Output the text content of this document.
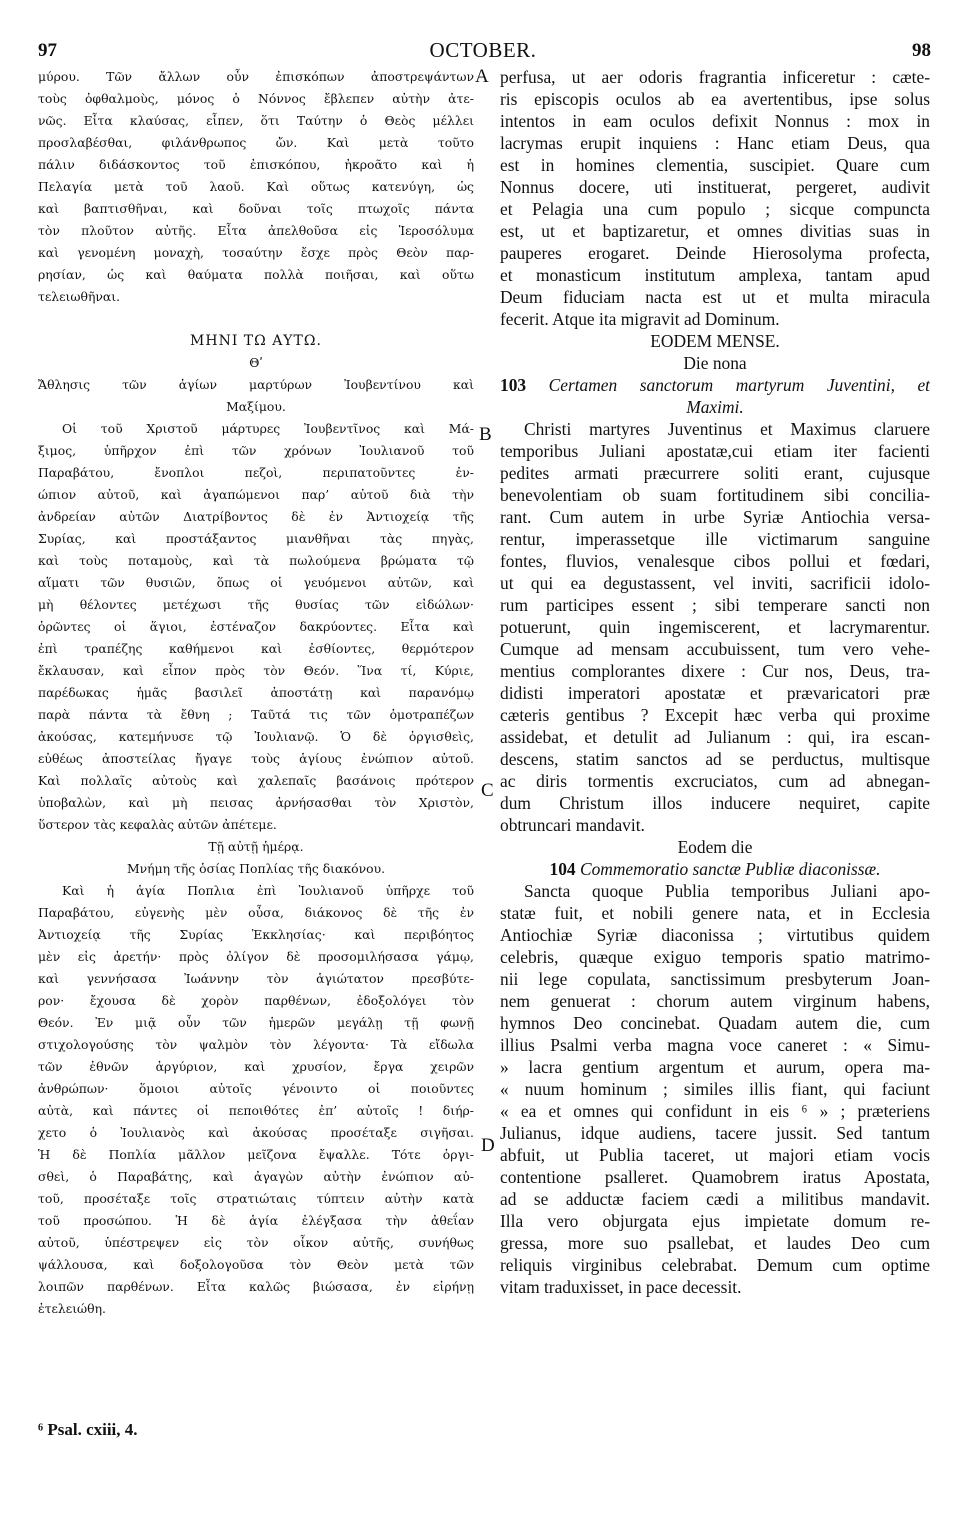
97	OCTOBER.	98
μύρου. Τῶν ἄλλων οὖν ἐπισκόπων ἀποστρεψάντων
τοὺς ὀφθαλμοὺς, μόνος ὁ Νόννος ἔβλεπεν αὐτὴν ἀτε-
νῶς. Εἶτα κλαύσας, εἶπεν, ὅτι Ταύτην ὁ Θεὸς μέλλει
προσλαβέσθαι, φιλάνθρωπος ὤν. Καὶ μετὰ τοῦτο
πάλιν διδάσκοντος τοῦ ἐπισκόπου, ἠκροᾶτο καὶ ἡ
Πελαγία μετὰ τοῦ λαοῦ. Καὶ οὕτως κατενύγη, ὡς
καὶ βαπτισθῆναι, καὶ δοῦναι τοῖς πτωχοῖς πάντα
τὸν πλοῦτον αὐτῆς. Εἶτα ἀπελθοῦσα εἰς Ἱεροσόλυμα
καὶ γενομένη μοναχὴ, τοσαύτην ἔσχε πρὸς Θεὸν παρ-
ρησίαν, ὡς καὶ θαύματα πολλὰ ποιῆσαι, καὶ οὕτω
τελειωθῆναι.
ΜΗΝΙ ΤΩ ΑΥΤΩ.
Θʹ
Ἄθλησις τῶν ἁγίων μαρτύρων Ἰουβεντίνου καὶ
Μαξίμου.
Οἱ τοῦ Χριστοῦ μάρτυρες Ἰουβεντῖνος καὶ Μά-
ξιμος, ὑπῆρχον ἐπὶ τῶν χρόνων Ἰουλιανοῦ τοῦ
Παραβάτου, ἔνοπλοι πεζοὶ, περιπατοῦντες ἐν-
ώπιον αὐτοῦ, καὶ ἀγαπώμενοι παρ’ αὐτοῦ διὰ τὴν
ἀνδρείαν αὐτῶν Διατρίβοντος δὲ ἐν Ἀντιοχείᾳ τῆς
Συρίας, καὶ προστάξαντος μιανθῆναι τὰς πηγὰς,
καὶ τοὺς ποταμοὺς, καὶ τὰ πωλούμενα βρώματα τῷ
αἵματι τῶν θυσιῶν, ὅπως οἱ γευόμενοι αὐτῶν, καὶ
μὴ θέλοντες μετέχωσι τῆς θυσίας τῶν εἰδώλων·
ὁρῶντες οἱ ἅγιοι, ἐστέναζον δακρύοντες. Εἶτα καὶ
ἐπὶ τραπέζης καθήμενοι καὶ ἐσθίοντες, θερμότερον
ἔκλαυσαν, καὶ εἶπον πρὸς τὸν Θεόν. Ἵνα τί, Κύριε,
παρέδωκας ἡμᾶς βασιλεῖ ἀποστάτῃ καὶ παρανόμῳ
παρὰ πάντα τὰ ἔθνη ; Ταῦτά τις τῶν ὁμοτραπέζων
ἀκούσας, κατεμήνυσε τῷ Ἰουλιανῷ. Ὁ δὲ ὀργισθεὶς,
εὐθέως ἀποστείλας ἤγαγε τοὺς ἁγίους ἐνώπιον αὐτοῦ.
Καὶ πολλαῖς αὐτοὺς καὶ χαλεπαῖς βασάνοις πρότερον
ὑποβαλὼν, καὶ μὴ πεισας ἀρνήσασθαι τὸν Χριστὸν,
ὕστερον τὰς κεφαλὰς αὐτῶν ἀπέτεμε.
Τῇ αὐτῇ ἡμέρᾳ.
Μνήμη τῆς ὁσίας Ποπλίας τῆς διακόνου.
Καὶ ἡ ἁγία Ποπλια ἐπὶ Ἰουλιανοῦ ὑπῆρχε τοῦ
Παραβάτου, εὐγενὴς μὲν οὖσα, διάκονος δὲ τῆς ἐν
Ἀντιοχείᾳ τῆς Συρίας Ἐκκλησίας· καὶ περιβόητος
μὲν εἰς ἀρετήν· πρὸς ὀλίγον δὲ προσομιλήσασα γάμῳ,
καὶ γεννήσασα Ἰωάννην τὸν ἁγιώτατον πρεσβύτε-
ρον· ἔχουσα δὲ χορὸν παρθένων, ἐδοξολόγει τὸν
Θεόν. Ἐν μιᾷ οὖν τῶν ἡμερῶν μεγάλῃ τῇ φωνῇ
στιχολογούσης τὸν ψαλμὸν τὸν λέγοντα· Τὰ εἴδωλα
τῶν ἐθνῶν ἀργύριον, καὶ χρυσίον, ἔργα χειρῶν
ἀνθρώπων· ὅμοιοι αὐτοῖς γένοιντο οἱ ποιοῦντες
αὐτὰ, καὶ πάντες οἱ πεποιθότες ἐπ’ αὐτοῖς ! διήρ-
χετο ὁ Ἰουλιανὸς καὶ ἀκούσας προσέταξε σιγῆσαι.
Ἡ δὲ Ποπλία μᾶλλον μεῖζονα ἔψαλλε. Τότε ὀργι-
σθεὶ, ὁ Παραβάτης, καὶ ἀγαγὼν αὐτὴν ἐνώπιον αὐ-
τοῦ, προσέταξε τοῖς στρατιώταις τύπτειν αὐτὴν κατὰ
τοῦ προσώπου. Ἡ δὲ ἁγία ἐλέγξασα τὴν ἀθεΐαν
αὐτοῦ, ὑπέστρεψεν εἰς τὸν οἶκον αὐτῆς, συνήθως
ψάλλουσα, καὶ δοξολογοῦσα τὸν Θεὸν μετὰ τῶν
λοιπῶν παρθένων. Εἶτα καλῶς βιώσασα, ἐν εἰρήνῃ
ἐτελειώθη.
perfusa, ut aer odoris fragrantia inficeretur : cæte-
ris episcopis oculos ab ea avertentibus, ipse solus
intentos in eam oculos defixit Nonnus : mox in
lacrymas erupit inquiens : Hanc etiam Deus, qua
est in homines clementia, suscipiet. Quare cum
Nonnus docere, uti instituerat, pergeret, audivit
et Pelagia una cum populo ; sicque compuncta
est, ut et baptizaretur, et omnes divitias suas in
pauperes erogaret. Deinde Hierosolyma profecta,
et monasticum institutum amplexa, tantam apud
Deum fiduciam nacta est ut et multa miracula
fecerit. Atque ita migravit ad Dominum.
EODEM MENSE.
Die nona
103 Certamen sanctorum martyrum Juventini, et
Maximi.
Christi martyres Juventinus et Maximus claruere
temporibus Juliani apostatæ,cui etiam iter facienti
pedites armati præcurrere soliti erant, cujusque
benevolentiam ob suam fortitudinem sibi concilia-
rant. Cum autem in urbe Syriæ Antiochia versa-
rentur, imperassetque ille victimarum sanguine
fontes, fluvios, venalesque cibos pollui et fœdari,
ut qui ea degustassent, vel inviti, sacrificii idolo-
rum participes essent ; sibi temperare sancti non
potuerunt, quin ingemiscerent, et lacrymarentur.
Cumque ad mensam accubuissent, tum vero vehe-
mentius complorantes dixere : Cur nos, Deus, tra-
didisti imperatori apostatæ et prævaricatori præ
cæteris gentibus ? Excepit hæc verba qui proxime
assidebat, et detulit ad Julianum : qui, ira escan-
descens, statim sanctos ad se perductus, multisque
ac diris tormentis excruciatos, cum ad abnegan-
dum Christum illos inducere nequiret, capite
obtruncari mandavit.
Eodem die
104 Commemoratio sanctæ Publiæ diaconissæ.
Sancta quoque Publia temporibus Juliani apo-
statæ fuit, et nobili genere nata, et in Ecclesia
Antiochiæ Syriæ diaconissa ; virtutibus quidem
celebris, quæque exiguo temporis spatio matrimo-
nii lege copulata, sanctissimum presbyterum Joan-
nem genuerat : chorum autem virginum habens,
hymnos Deo concinebat. Quadam autem die, cum
illius Psalmi verba magna voce caneret : « Simu-
» lacra gentium argentum et aurum, opera ma-
« nuum hominum ; similes illis fiant, qui faciunt
« ea et omnes qui confidunt in eis ⁶ » ; præteriens
Julianus, idque audiens, tacere jussit. Sed tantum
abfuit, ut Publia taceret, ut majori etiam vocis
contentione psalleret. Quamobrem iratus Apostata,
ad se adductæ faciem cædi a militibus mandavit.
Illa vero objurgata ejus impietate domum re-
gressa, more suo psallebat, et laudes Deo cum
reliquis virginibus celebrabat. Demum cum optime
vitam traduxisset, in pace decessit.
A
B
C
D
⁶ Psal. cxiii, 4.
